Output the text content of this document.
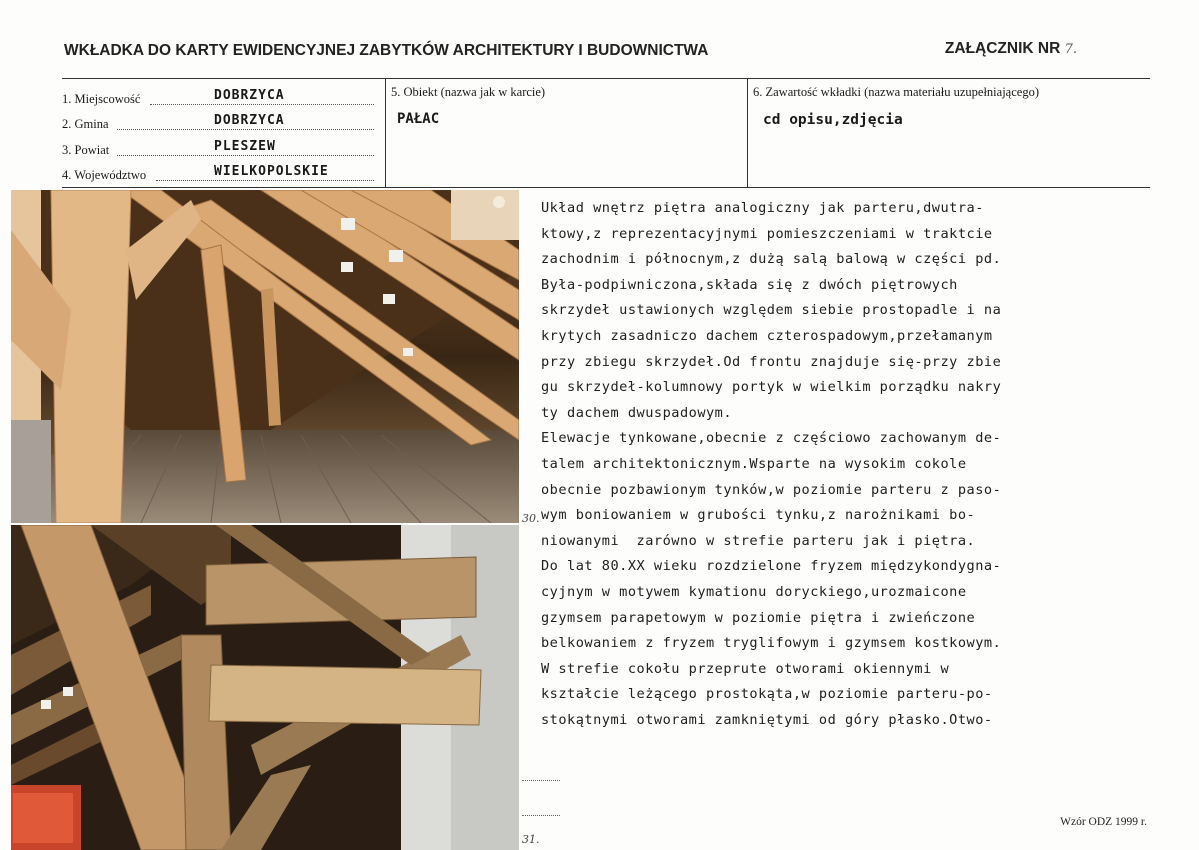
WKŁADKA DO KARTY EWIDENCYJNEJ ZABYTKÓW ARCHITEKTURY I BUDOWNICTWA	ZAŁĄCZNIK NR 7.
1. Miejscowość	DOBRZYCA
2. Gmina	DOBRZYCA
3. Powiat	PLESZEW
4. Województwo	WIELKOPOLSKIE
5. Obiekt (nazwa jak w karcie)
PAŁAC
6. Zawartość wkładki (nazwa materiału uzupełniającego)
cd opisu,zdjęcia
Układ wnętrz piętra analogiczny jak parteru,dwutra-
ktowy,z reprezentacyjnymi pomieszczeniami w traktcie
zachodnim i północnym,z dużą salą balową w części pd.
Była-podpiwniczona,składa się z dwóch piętrowych
skrzydeł ustawionych względem siebie prostopadle i na
krytych zasadniczo dachem czterospadowym,przełamanym
przy zbiegu skrzydeł.Od frontu znajduje się-przy zbie
gu skrzydeł-kolumnowy portyk w wielkim porządku nakry
ty dachem dwuspadowym.
Elewacje tynkowane,obecnie z częściowo zachowanym de-
talem architektonicznym.Wsparte na wysokim cokole
obecnie pozbawionym tynków,w poziomie parteru z paso-
wym boniowaniem w grubości tynku,z narożnikami bo-
niowanymi  zarówno w strefie parteru jak i piętra.
Do lat 80.XX wieku rozdzielone fryzem międzykondygna-
cyjnym w motywem kymationu doryckiego,urozmaicone
gzymsem parapetowym w poziomie piętra i zwieńczone
belkowaniem z fryzem tryglifowym i gzymsem kostkowym.
W strefie cokołu przeprute otworami okiennymi w
kształcie leżącego prostokąta,w poziomie parteru-po-
stokątnymi otworami zamkniętymi od góry płasko.Otwo-
30.
31.
Wzór ODZ 1999 r.
